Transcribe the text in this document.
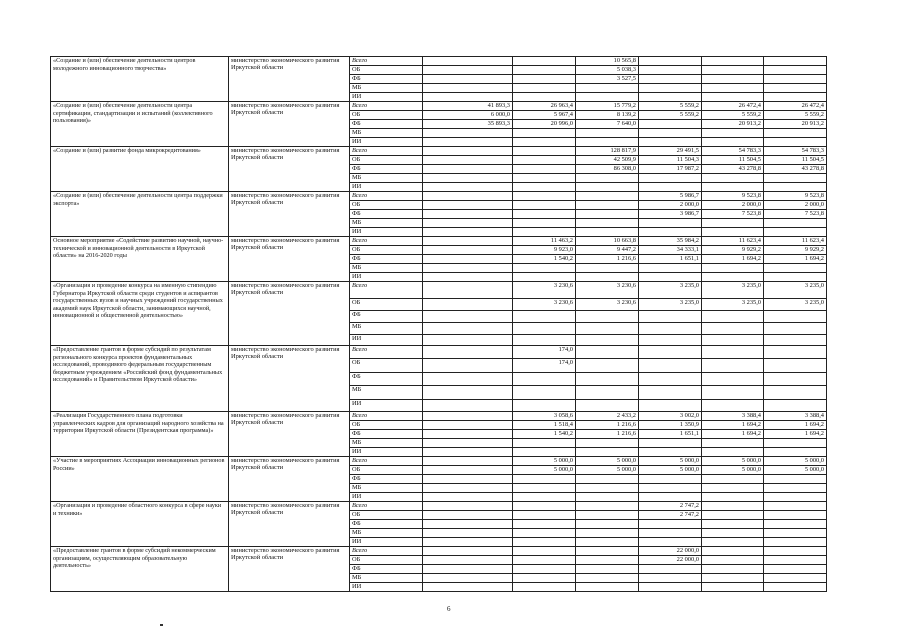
«Создание и (или) обеспечение деятельности центров молодежного инновационного творчества»	министерство экономического развития Иркутской области	Всего			10 565,8			
		ОБ			5 038,3			
		ФБ			3 527,5			
		МБ						
		ИИ						
«Создание и (или) обеспечение деятельности центра сертификации, стандартизации и испытаний (коллективного пользования)»	министерство экономического развития Иркутской области	Всего	41 893,3	26 963,4	15 779,2	5 559,2	26 472,4	26 472,4
		ОБ	6 000,0	5 967,4	8 139,2	5 559,2	5 559,2	5 559,2
		ФБ	35 893,3	20 996,0	7 640,0		20 913,2	20 913,2
		МБ						
		ИИ						
«Создание и (или) развитие фонда микрокредитования»	министерство экономического развития Иркутской области	Всего			128 817,9	29 491,5	54 783,3	54 783,3
		ОБ			42 509,9	11 504,3	11 504,5	11 504,5
		ФБ			86 308,0	17 987,2	43 278,8	43 278,8
		МБ						
		ИИ						
«Создание и (или) обеспечение деятельности центра поддержки экспорта»	министерство экономического развития Иркутской области	Всего				5 986,7	9 523,8	9 523,8
		ОБ				2 000,0	2 000,0	2 000,0
		ФБ				3 986,7	7 523,8	7 523,8
		МБ						
		ИИ						
Основное мероприятие «Содействие развитию научной, научно-технической и инновационной деятельности в Иркутской области» на 2016-2020 годы	министерство экономического развития Иркутской области	Всего		11 463,2	10 663,8	35 984,2	11 623,4	11 623,4
		ОБ		9 923,0	9 447,2	34 333,1	9 929,2	9 929,2
		ФБ		1 540,2	1 216,6	1 651,1	1 694,2	1 694,2
		МБ						
		ИИ						
«Организация и проведение конкурса на именную стипендию Губернатора Иркутской области среди студентов и аспирантов государственных вузов и научных учреждений государственных академий наук Иркутской области, занимающихся научной, инновационной и общественной деятельностью»	министерство экономического развития Иркутской области	Всего		3 230,6	3 230,6	3 235,0	3 235,0	3 235,0
		ОБ		3 230,6	3 230,6	3 235,0	3 235,0	3 235,0
		ФБ						
		МБ						
		ИИ						
«Предоставление грантов в форме субсидий по результатам регионального конкурса проектов фундаментальных исследований, проводимого федеральным государственным бюджетным учреждением «Российский фонд фундаментальных исследований» и Правительством Иркутской области»	министерство экономического развития Иркутской области	Всего		174,0				
		ОБ		174,0				
		ФБ						
		МБ						
		ИИ						
«Реализация Государственного плана подготовки управленческих кадров для организаций народного хозяйства на территории Иркутской области (Президентская программа)»	министерство экономического развития Иркутской области	Всего		3 058,6	2 433,2	3 002,0	3 388,4	3 388,4
		ОБ		1 518,4	1 216,6	1 350,9	1 694,2	1 694,2
		ФБ		1 540,2	1 216,6	1 651,1	1 694,2	1 694,2
		МБ						
		ИИ						
«Участие в мероприятиях Ассоциации инновационных регионов России»	министерство экономического развития Иркутской области	Всего		5 000,0	5 000,0	5 000,0	5 000,0	5 000,0
		ОБ		5 000,0	5 000,0	5 000,0	5 000,0	5 000,0
		ФБ						
		МБ						
		ИИ						
«Организация и проведение областного конкурса в сфере науки и техники»	министерство экономического развития Иркутской области	Всего				2 747,2		
		ОБ				2 747,2		
		ФБ						
		МБ						
		ИИ						
«Предоставление грантов в форме субсидий некоммерческим организациям, осуществляющим образовательную деятельность»	министерство экономического развития Иркутской области	Всего				22 000,0		
		ОБ				22 000,0		
		ФБ						
		МБ						
		ИИ						
6
